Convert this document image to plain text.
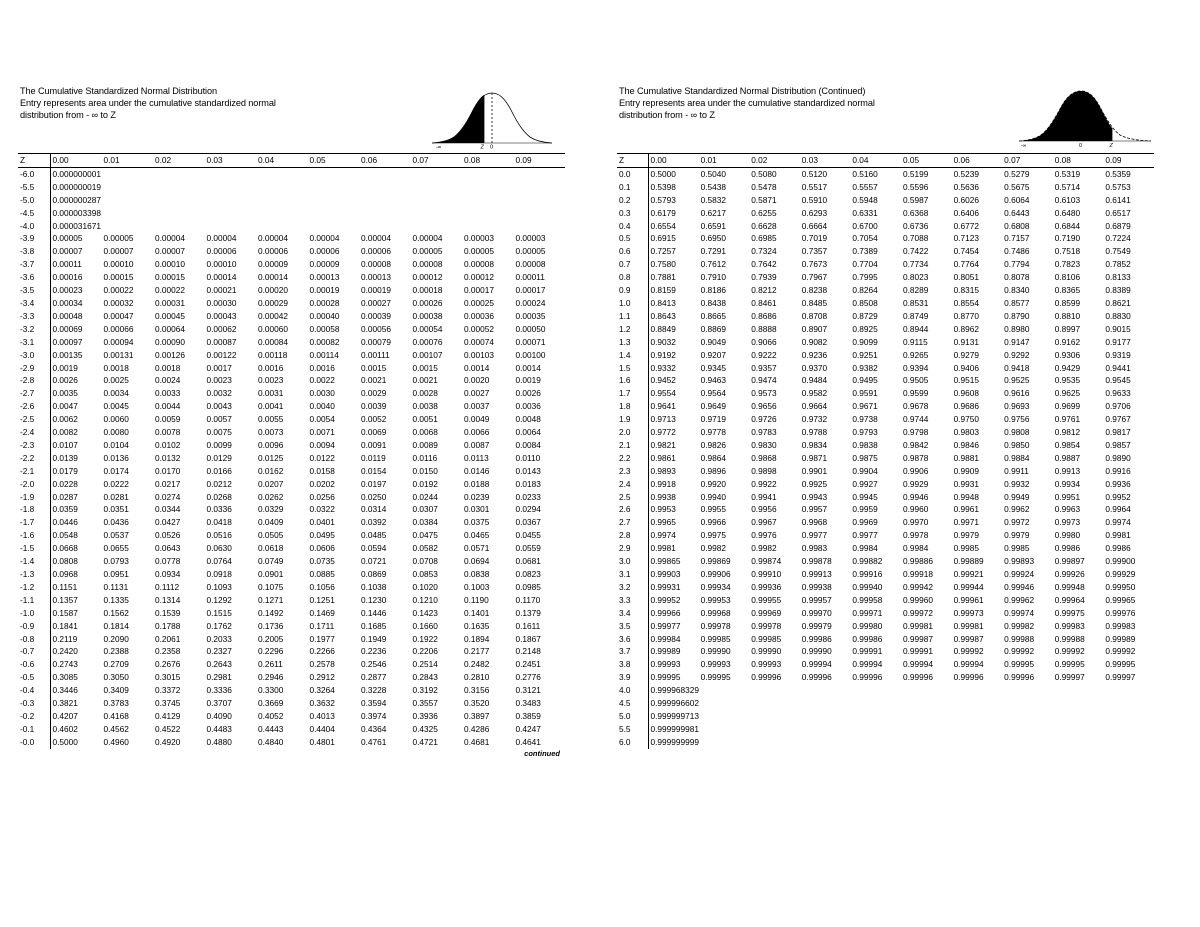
The Cumulative Standardized Normal Distribution
Entry represents area under the cumulative standardized normal
distribution from - ∞ to Z
-∞	Z 0
Z	0.00	0.01	0.02	0.03	0.04	0.05	0.06	0.07	0.08	0.09
-6.0	0.000000001									
-5.5	0.000000019									
-5.0	0.000000287									
-4.5	0.000003398									
-4.0	0.000031671									
-3.9	0.00005	0.00005	0.00004	0.00004	0.00004	0.00004	0.00004	0.00004	0.00003	0.00003
-3.8	0.00007	0.00007	0.00007	0.00006	0.00006	0.00006	0.00006	0.00005	0.00005	0.00005
-3.7	0.00011	0.00010	0.00010	0.00010	0.00009	0.00009	0.00008	0.00008	0.00008	0.00008
-3.6	0.00016	0.00015	0.00015	0.00014	0.00014	0.00013	0.00013	0.00012	0.00012	0.00011
-3.5	0.00023	0.00022	0.00022	0.00021	0.00020	0.00019	0.00019	0.00018	0.00017	0.00017
-3.4	0.00034	0.00032	0.00031	0.00030	0.00029	0.00028	0.00027	0.00026	0.00025	0.00024
-3.3	0.00048	0.00047	0.00045	0.00043	0.00042	0.00040	0.00039	0.00038	0.00036	0.00035
-3.2	0.00069	0.00066	0.00064	0.00062	0.00060	0.00058	0.00056	0.00054	0.00052	0.00050
-3.1	0.00097	0.00094	0.00090	0.00087	0.00084	0.00082	0.00079	0.00076	0.00074	0.00071
-3.0	0.00135	0.00131	0.00126	0.00122	0.00118	0.00114	0.00111	0.00107	0.00103	0.00100
-2.9	0.0019	0.0018	0.0018	0.0017	0.0016	0.0016	0.0015	0.0015	0.0014	0.0014
-2.8	0.0026	0.0025	0.0024	0.0023	0.0023	0.0022	0.0021	0.0021	0.0020	0.0019
-2.7	0.0035	0.0034	0.0033	0.0032	0.0031	0.0030	0.0029	0.0028	0.0027	0.0026
-2.6	0.0047	0.0045	0.0044	0.0043	0.0041	0.0040	0.0039	0.0038	0.0037	0.0036
-2.5	0.0062	0.0060	0.0059	0.0057	0.0055	0.0054	0.0052	0.0051	0.0049	0.0048
-2.4	0.0082	0.0080	0.0078	0.0075	0.0073	0.0071	0.0069	0.0068	0.0066	0.0064
-2.3	0.0107	0.0104	0.0102	0.0099	0.0096	0.0094	0.0091	0.0089	0.0087	0.0084
-2.2	0.0139	0.0136	0.0132	0.0129	0.0125	0.0122	0.0119	0.0116	0.0113	0.0110
-2.1	0.0179	0.0174	0.0170	0.0166	0.0162	0.0158	0.0154	0.0150	0.0146	0.0143
-2.0	0.0228	0.0222	0.0217	0.0212	0.0207	0.0202	0.0197	0.0192	0.0188	0.0183
-1.9	0.0287	0.0281	0.0274	0.0268	0.0262	0.0256	0.0250	0.0244	0.0239	0.0233
-1.8	0.0359	0.0351	0.0344	0.0336	0.0329	0.0322	0.0314	0.0307	0.0301	0.0294
-1.7	0.0446	0.0436	0.0427	0.0418	0.0409	0.0401	0.0392	0.0384	0.0375	0.0367
-1.6	0.0548	0.0537	0.0526	0.0516	0.0505	0.0495	0.0485	0.0475	0.0465	0.0455
-1.5	0.0668	0.0655	0.0643	0.0630	0.0618	0.0606	0.0594	0.0582	0.0571	0.0559
-1.4	0.0808	0.0793	0.0778	0.0764	0.0749	0.0735	0.0721	0.0708	0.0694	0.0681
-1.3	0.0968	0.0951	0.0934	0.0918	0.0901	0.0885	0.0869	0.0853	0.0838	0.0823
-1.2	0.1151	0.1131	0.1112	0.1093	0.1075	0.1056	0.1038	0.1020	0.1003	0.0985
-1.1	0.1357	0.1335	0.1314	0.1292	0.1271	0.1251	0.1230	0.1210	0.1190	0.1170
-1.0	0.1587	0.1562	0.1539	0.1515	0.1492	0.1469	0.1446	0.1423	0.1401	0.1379
-0.9	0.1841	0.1814	0.1788	0.1762	0.1736	0.1711	0.1685	0.1660	0.1635	0.1611
-0.8	0.2119	0.2090	0.2061	0.2033	0.2005	0.1977	0.1949	0.1922	0.1894	0.1867
-0.7	0.2420	0.2388	0.2358	0.2327	0.2296	0.2266	0.2236	0.2206	0.2177	0.2148
-0.6	0.2743	0.2709	0.2676	0.2643	0.2611	0.2578	0.2546	0.2514	0.2482	0.2451
-0.5	0.3085	0.3050	0.3015	0.2981	0.2946	0.2912	0.2877	0.2843	0.2810	0.2776
-0.4	0.3446	0.3409	0.3372	0.3336	0.3300	0.3264	0.3228	0.3192	0.3156	0.3121
-0.3	0.3821	0.3783	0.3745	0.3707	0.3669	0.3632	0.3594	0.3557	0.3520	0.3483
-0.2	0.4207	0.4168	0.4129	0.4090	0.4052	0.4013	0.3974	0.3936	0.3897	0.3859
-0.1	0.4602	0.4562	0.4522	0.4483	0.4443	0.4404	0.4364	0.4325	0.4286	0.4247
-0.0	0.5000	0.4960	0.4920	0.4880	0.4840	0.4801	0.4761	0.4721	0.4681	0.4641
continued
The Cumulative Standardized Normal Distribution (Continued)
Entry represents area under the cumulative standardized normal
distribution from - ∞ to Z
-∞	0	Z
Z	0.00	0.01	0.02	0.03	0.04	0.05	0.06	0.07	0.08	0.09
0.0	0.5000	0.5040	0.5080	0.5120	0.5160	0.5199	0.5239	0.5279	0.5319	0.5359
0.1	0.5398	0.5438	0.5478	0.5517	0.5557	0.5596	0.5636	0.5675	0.5714	0.5753
0.2	0.5793	0.5832	0.5871	0.5910	0.5948	0.5987	0.6026	0.6064	0.6103	0.6141
0.3	0.6179	0.6217	0.6255	0.6293	0.6331	0.6368	0.6406	0.6443	0.6480	0.6517
0.4	0.6554	0.6591	0.6628	0.6664	0.6700	0.6736	0.6772	0.6808	0.6844	0.6879
0.5	0.6915	0.6950	0.6985	0.7019	0.7054	0.7088	0.7123	0.7157	0.7190	0.7224
0.6	0.7257	0.7291	0.7324	0.7357	0.7389	0.7422	0.7454	0.7486	0.7518	0.7549
0.7	0.7580	0.7612	0.7642	0.7673	0.7704	0.7734	0.7764	0.7794	0.7823	0.7852
0.8	0.7881	0.7910	0.7939	0.7967	0.7995	0.8023	0.8051	0.8078	0.8106	0.8133
0.9	0.8159	0.8186	0.8212	0.8238	0.8264	0.8289	0.8315	0.8340	0.8365	0.8389
1.0	0.8413	0.8438	0.8461	0.8485	0.8508	0.8531	0.8554	0.8577	0.8599	0.8621
1.1	0.8643	0.8665	0.8686	0.8708	0.8729	0.8749	0.8770	0.8790	0.8810	0.8830
1.2	0.8849	0.8869	0.8888	0.8907	0.8925	0.8944	0.8962	0.8980	0.8997	0.9015
1.3	0.9032	0.9049	0.9066	0.9082	0.9099	0.9115	0.9131	0.9147	0.9162	0.9177
1.4	0.9192	0.9207	0.9222	0.9236	0.9251	0.9265	0.9279	0.9292	0.9306	0.9319
1.5	0.9332	0.9345	0.9357	0.9370	0.9382	0.9394	0.9406	0.9418	0.9429	0.9441
1.6	0.9452	0.9463	0.9474	0.9484	0.9495	0.9505	0.9515	0.9525	0.9535	0.9545
1.7	0.9554	0.9564	0.9573	0.9582	0.9591	0.9599	0.9608	0.9616	0.9625	0.9633
1.8	0.9641	0.9649	0.9656	0.9664	0.9671	0.9678	0.9686	0.9693	0.9699	0.9706
1.9	0.9713	0.9719	0.9726	0.9732	0.9738	0.9744	0.9750	0.9756	0.9761	0.9767
2.0	0.9772	0.9778	0.9783	0.9788	0.9793	0.9798	0.9803	0.9808	0.9812	0.9817
2.1	0.9821	0.9826	0.9830	0.9834	0.9838	0.9842	0.9846	0.9850	0.9854	0.9857
2.2	0.9861	0.9864	0.9868	0.9871	0.9875	0.9878	0.9881	0.9884	0.9887	0.9890
2.3	0.9893	0.9896	0.9898	0.9901	0.9904	0.9906	0.9909	0.9911	0.9913	0.9916
2.4	0.9918	0.9920	0.9922	0.9925	0.9927	0.9929	0.9931	0.9932	0.9934	0.9936
2.5	0.9938	0.9940	0.9941	0.9943	0.9945	0.9946	0.9948	0.9949	0.9951	0.9952
2.6	0.9953	0.9955	0.9956	0.9957	0.9959	0.9960	0.9961	0.9962	0.9963	0.9964
2.7	0.9965	0.9966	0.9967	0.9968	0.9969	0.9970	0.9971	0.9972	0.9973	0.9974
2.8	0.9974	0.9975	0.9976	0.9977	0.9977	0.9978	0.9979	0.9979	0.9980	0.9981
2.9	0.9981	0.9982	0.9982	0.9983	0.9984	0.9984	0.9985	0.9985	0.9986	0.9986
3.0	0.99865	0.99869	0.99874	0.99878	0.99882	0.99886	0.99889	0.99893	0.99897	0.99900
3.1	0.99903	0.99906	0.99910	0.99913	0.99916	0.99918	0.99921	0.99924	0.99926	0.99929
3.2	0.99931	0.99934	0.99936	0.99938	0.99940	0.99942	0.99944	0.99946	0.99948	0.99950
3.3	0.99952	0.99953	0.99955	0.99957	0.99958	0.99960	0.99961	0.99962	0.99964	0.99965
3.4	0.99966	0.99968	0.99969	0.99970	0.99971	0.99972	0.99973	0.99974	0.99975	0.99976
3.5	0.99977	0.99978	0.99978	0.99979	0.99980	0.99981	0.99981	0.99982	0.99983	0.99983
3.6	0.99984	0.99985	0.99985	0.99986	0.99986	0.99987	0.99987	0.99988	0.99988	0.99989
3.7	0.99989	0.99990	0.99990	0.99990	0.99991	0.99991	0.99992	0.99992	0.99992	0.99992
3.8	0.99993	0.99993	0.99993	0.99994	0.99994	0.99994	0.99994	0.99995	0.99995	0.99995
3.9	0.99995	0.99995	0.99996	0.99996	0.99996	0.99996	0.99996	0.99996	0.99997	0.99997
4.0	0.999968329									
4.5	0.999996602									
5.0	0.999999713									
5.5	0.999999981									
6.0	0.999999999									
